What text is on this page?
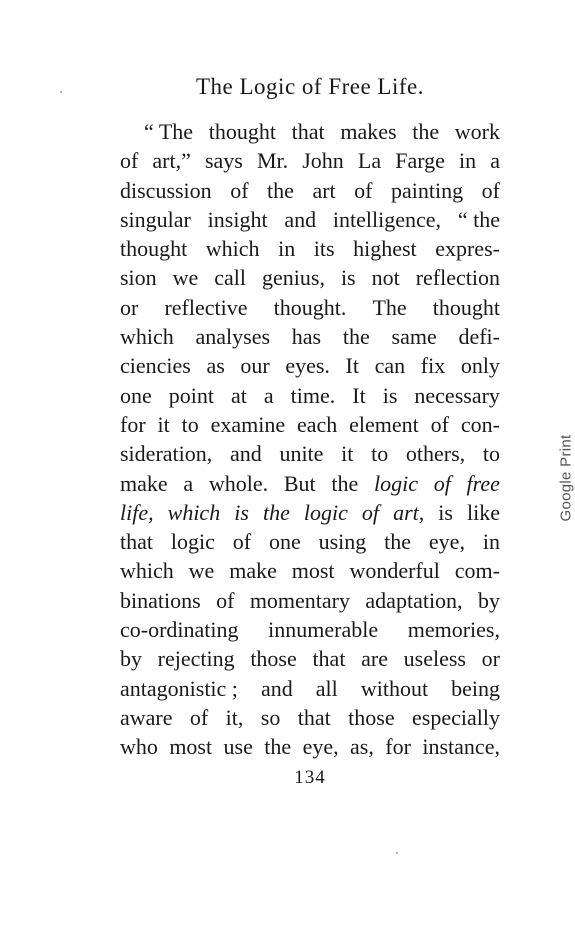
The Logic of Free Life.
“ The thought that makes the work
of art,” says Mr. John La Farge in a
discussion of the art of painting of
singular insight and intelligence, “ the
thought which in its highest expres-
sion we call genius, is not reflection
or reflective thought. The thought
which analyses has the same defi-
ciencies as our eyes. It can fix only
one point at a time. It is necessary
for it to examine each element of con-
sideration, and unite it to others, to
make a whole. But the logic of free
life, which is the logic of art, is like
that logic of one using the eye, in
which we make most wonderful com-
binations of momentary adaptation, by
co-ordinating innumerable memories,
by rejecting those that are useless or
antagonistic ; and all without being
aware of it, so that those especially
who most use the eye, as, for instance,
134
Google Print
